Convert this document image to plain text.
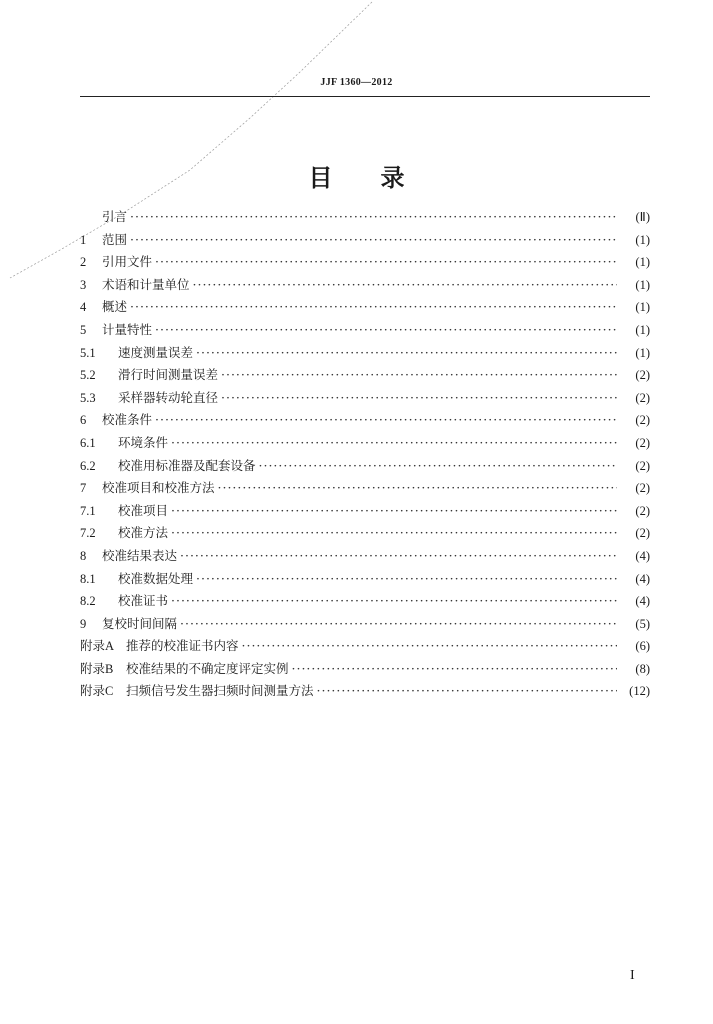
JJF 1360—2012
目 录
引言 ·····	(Ⅱ)
1	范围 ·····	(1)
2	引用文件 ·····	(1)
3	术语和计量单位 ·····	(1)
4	概述 ·····	(1)
5	计量特性 ·····	(1)
5.1	速度测量误差 ·····	(1)
5.2	滑行时间测量误差 ·····	(2)
5.3	采样器转动轮直径 ·····	(2)
6	校准条件 ·····	(2)
6.1	环境条件 ·····	(2)
6.2	校准用标准器及配套设备 ·····	(2)
7	校准项目和校准方法 ·····	(2)
7.1	校准项目 ·····	(2)
7.2	校准方法 ·····	(2)
8	校准结果表达 ·····	(4)
8.1	校准数据处理 ·····	(4)
8.2	校准证书 ·····	(4)
9	复校时间间隔 ·····	(5)
附录A 推荐的校准证书内容 ·····	(6)
附录B	校准结果的不确定度评定实例 ·····	(8)
附录C	扫频信号发生器扫频时间测量方法 ·····	(12)
I
